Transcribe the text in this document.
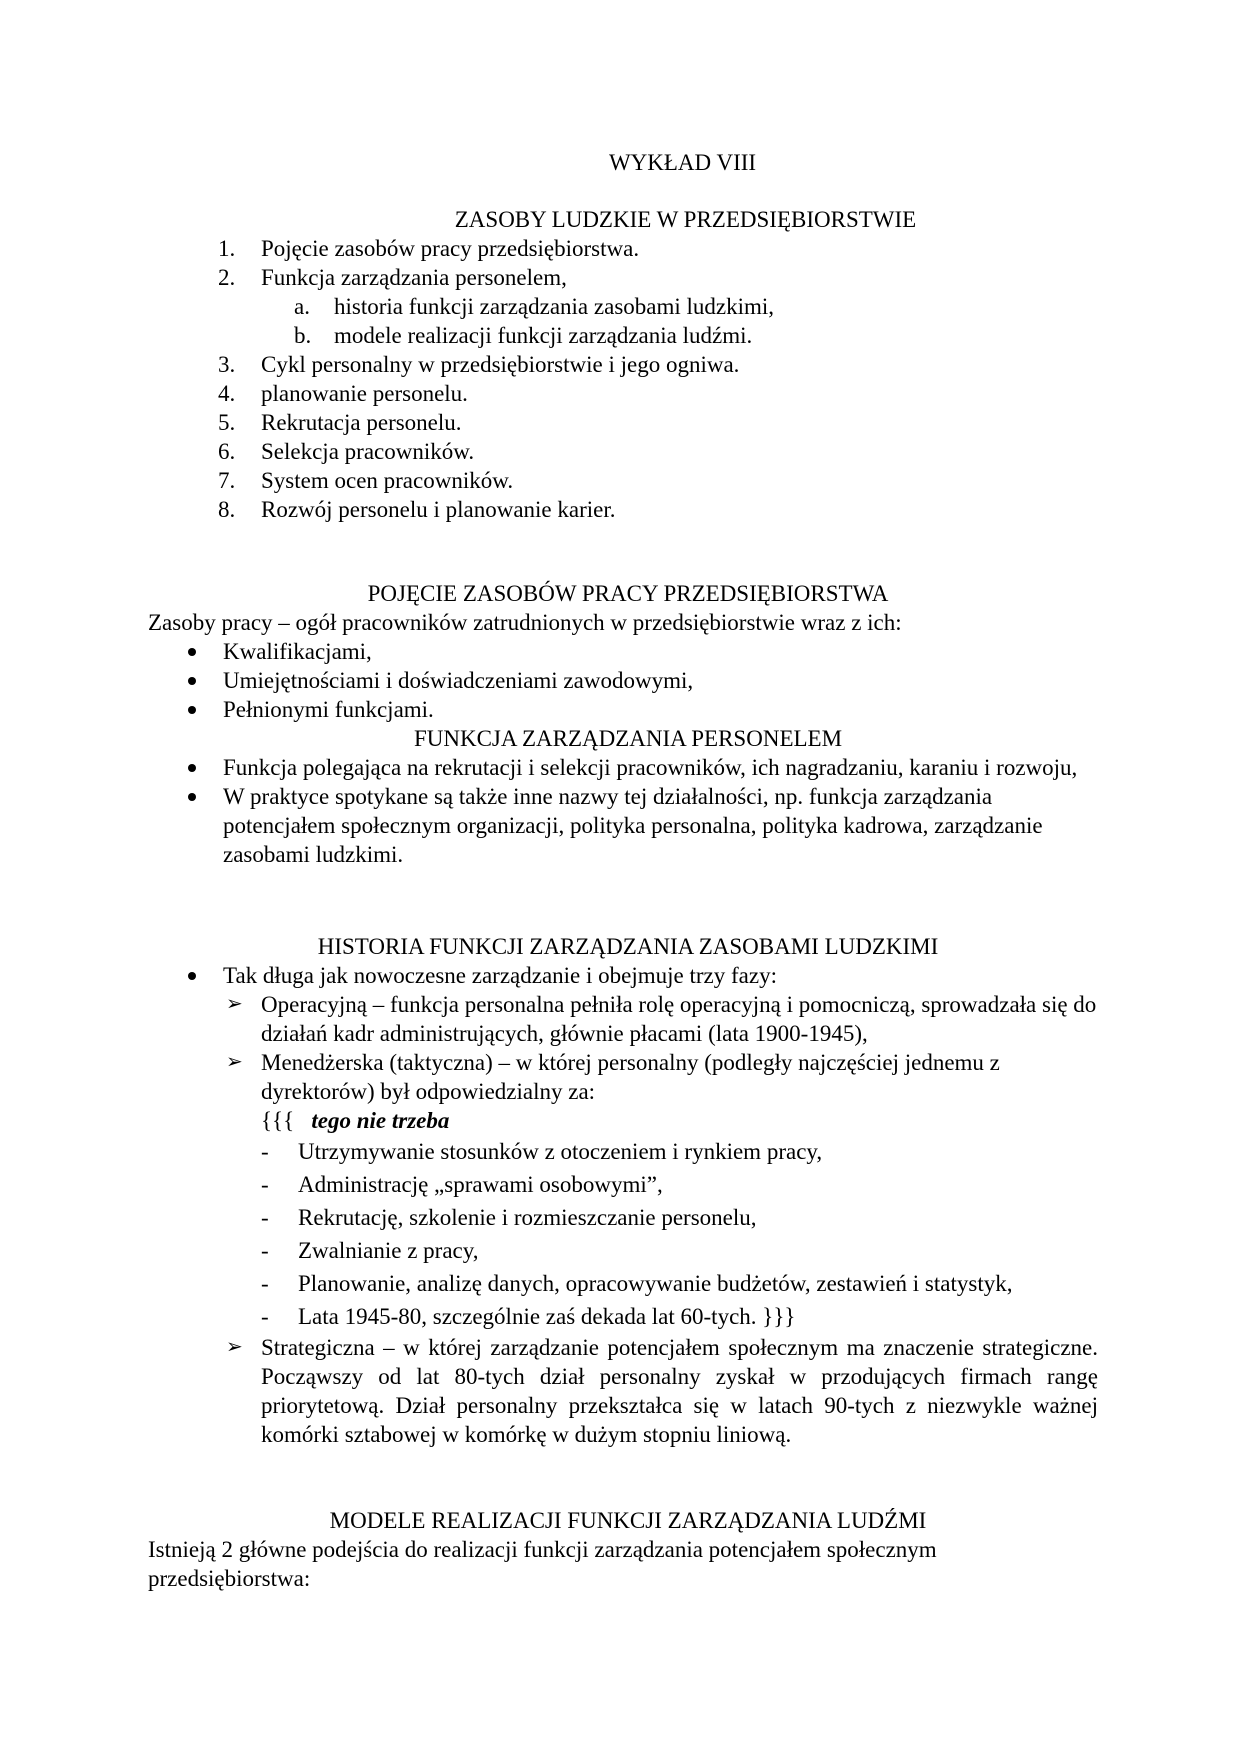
WYKŁAD VIII
ZASOBY LUDZKIE W PRZEDSIĘBIORSTWIE
1. Pojęcie zasobów pracy przedsiębiorstwa.
2. Funkcja zarządzania personelem,
a. historia funkcji zarządzania zasobami ludzkimi,
b. modele realizacji funkcji zarządzania ludźmi.
3. Cykl personalny w przedsiębiorstwie i jego ogniwa.
4. planowanie personelu.
5. Rekrutacja personelu.
6. Selekcja pracowników.
7. System ocen pracowników.
8. Rozwój personelu i planowanie karier.
POJĘCIE ZASOBÓW PRACY PRZEDSIĘBIORSTWA

Zasoby pracy – ogół pracowników zatrudnionych w przedsiębiorstwie wraz z ich:

Kwalifikacjami,
Umiejętnościami i doświadczeniami zawodowymi,
Pełnionymi funkcjami.
FUNKCJA ZARZĄDZANIA PERSONELEM
Funkcja polegająca na rekrutacji i selekcji pracowników, ich nagradzaniu, karaniu i rozwoju,
W praktyce spotykane są także inne nazwy tej działalności, np. funkcja zarządzania potencjałem społecznym organizacji, polityka personalna, polityka kadrowa, zarządzanie zasobami ludzkimi.
HISTORIA FUNKCJI ZARZĄDZANIA ZASOBAMI LUDZKIMI
Tak długa jak nowoczesne zarządzanie i obejmuje trzy fazy:
➢ Operacyjną – funkcja personalna pełniła rolę operacyjną i pomocniczą, sprowadzała się do działań kadr administrujących, głównie płacami (lata 1900-1945),
➢ Menedżerska (taktyczna) – w której personalny (podległy najczęściej jednemu z dyrektorów) był odpowiedzialny za:
{{{ tego nie trzeba
- Utrzymywanie stosunków z otoczeniem i rynkiem pracy,
- Administrację „sprawami osobowymi”,
- Rekrutację, szkolenie i rozmieszczanie personelu,
- Zwalnianie z pracy,
- Planowanie, analizę danych, opracowywanie budżetów, zestawień i statystyk,
- Lata 1945-80, szczególnie zaś dekada lat 60-tych. }}}
➢ Strategiczna – w której zarządzanie potencjałem społecznym ma znaczenie strategiczne. Począwszy od lat 80-tych dział personalny zyskał w przodujących firmach rangę priorytetową. Dział personalny przekształca się w latach 90-tych z niezwykle ważnej komórki sztabowej w komórkę w dużym stopniu liniową.
MODELE REALIZACJI FUNKCJI ZARZĄDZANIA LUDŹMI

Istnieją 2 główne podejścia do realizacji funkcji zarządzania potencjałem społecznym przedsiębiorstwa:
